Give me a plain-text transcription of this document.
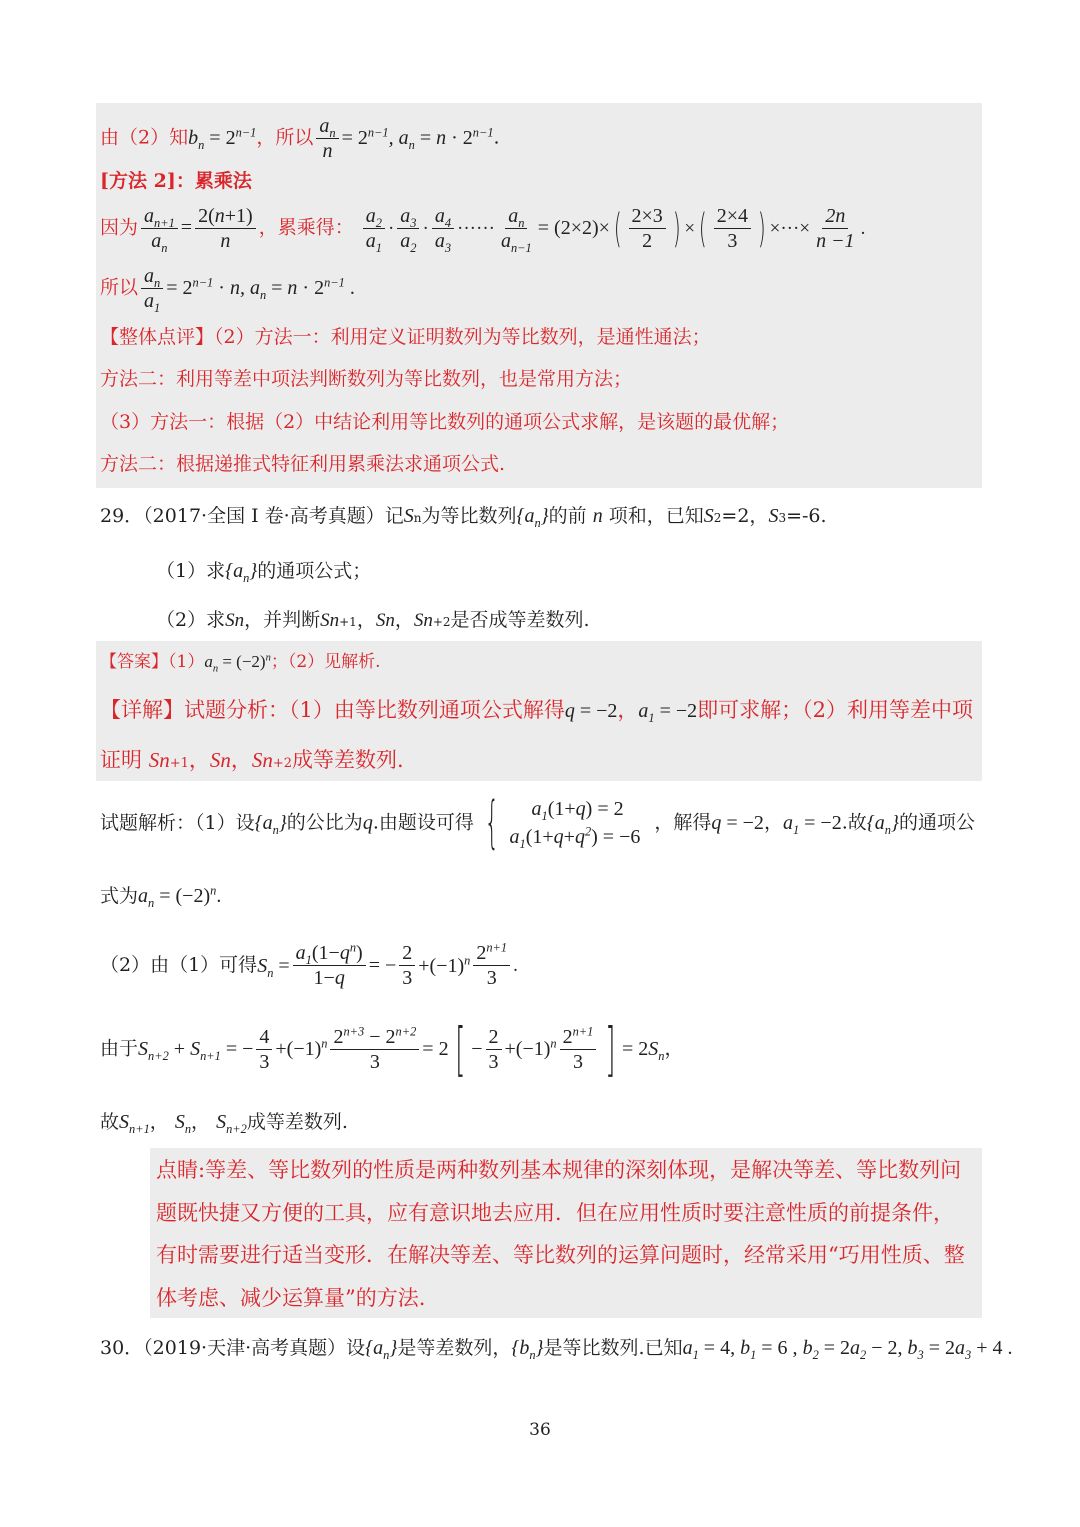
由（2）知$b_n = 2^{n-1}$，所以 $\frac{a_n}{n} = 2^{n-1}$, $a_n = n \cdot 2^{n-1}$.
[方法 2]：累乘法
因为 $\frac{a_{n+1}}{a_n} = \frac{2(n+1)}{n}$ ，累乘得： $\frac{a_2}{a_1} \cdot \frac{a_3}{a_2} \cdot \frac{a_4}{a_3}$ ······ $\frac{a_n}{a_{n-1}} = (2\times 2)\times( \frac{2\times 3}{2}$ ) ×( $\frac{2\times 4}{3}$ ) ×···× $\frac{2n}{n -1}$ .
所以 $\frac{a_n}{a_1} = 2^{n-1} \cdot n$, $a_n = n \cdot 2^{n-1}$ .
【整体点评】（2）方法一：利用定义证明数列为等比数列，是通性通法；
方法二：利用等差中项法判断数列为等比数列，也是常用方法；
（3）方法一：根据（2）中结论利用等比数列的通项公式求解，是该题的最优解；
方法二：根据递推式特征利用累乘法求通项公式.
29．（2017·全国 I 卷·高考真题）记Sn为等比数列$\{a_n\}$的前 n 项和，已知S2=2，S3=-6.
（1）求$\{a_n\}$的通项公式；
（2）求Sn，并判断Sn+1，Sn，Sn+2是否成等差数列.
【答案】$(1)a_n = (-2)^n$；（2）见解析.
【详解】试题分析：（1）由等比数列通项公式解得q = −2，$a_1 = -2$即可求解；（2）利用等差中项
证明 Sn+1，Sn，Sn+2成等差数列.
试题解析：（1）设$\{a_n\}$的公比为q.由题设可得 {	$a_1(1+q) = 2$
$a_1(1+q+q^2) = -6$
，解得q = −2，$a_1 = -2$.故$\{a_n\}$的通项公
式为$a_n = (-2)^n$.
（2）由（1）可得$S_n = \frac{a_1(1-q^n)}{1-q}$ = − $\frac{2}{3} +(-1)^n \frac{2^{n+1}}{3}$ .
由于$S_{n+2} + S_{n+1}$ = − $\frac{4}{3} +(-1)^n \frac{2^{n+3} - 2^{n+2}}{3} = 2$ [ − $\frac{2}{3} +(-1)^n \frac{2^{n+1}}{3}$ ] = $2S_n$，
故$S_{n+1}$， $S_n$， $S_{n+2}$成等差数列.
点睛:等差、等比数列的性质是两种数列基本规律的深刻体现，是解决等差、等比数列问
题既快捷又方便的工具，应有意识地去应用．但在应用性质时要注意性质的前提条件，
有时需要进行适当变形．在解决等差、等比数列的运算问题时，经常采用“巧用性质、整
体考虑、减少运算量”的方法.
30．（2019·天津·高考真题）设$\{a_n\}$是等差数列，$\{b_n\}$是等比数列.已知$a_1 = 4$, $b_1 = 6$ , $b_2 = 2a_2 - 2$, $b_3 = 2a_3 + 4$ .
36
